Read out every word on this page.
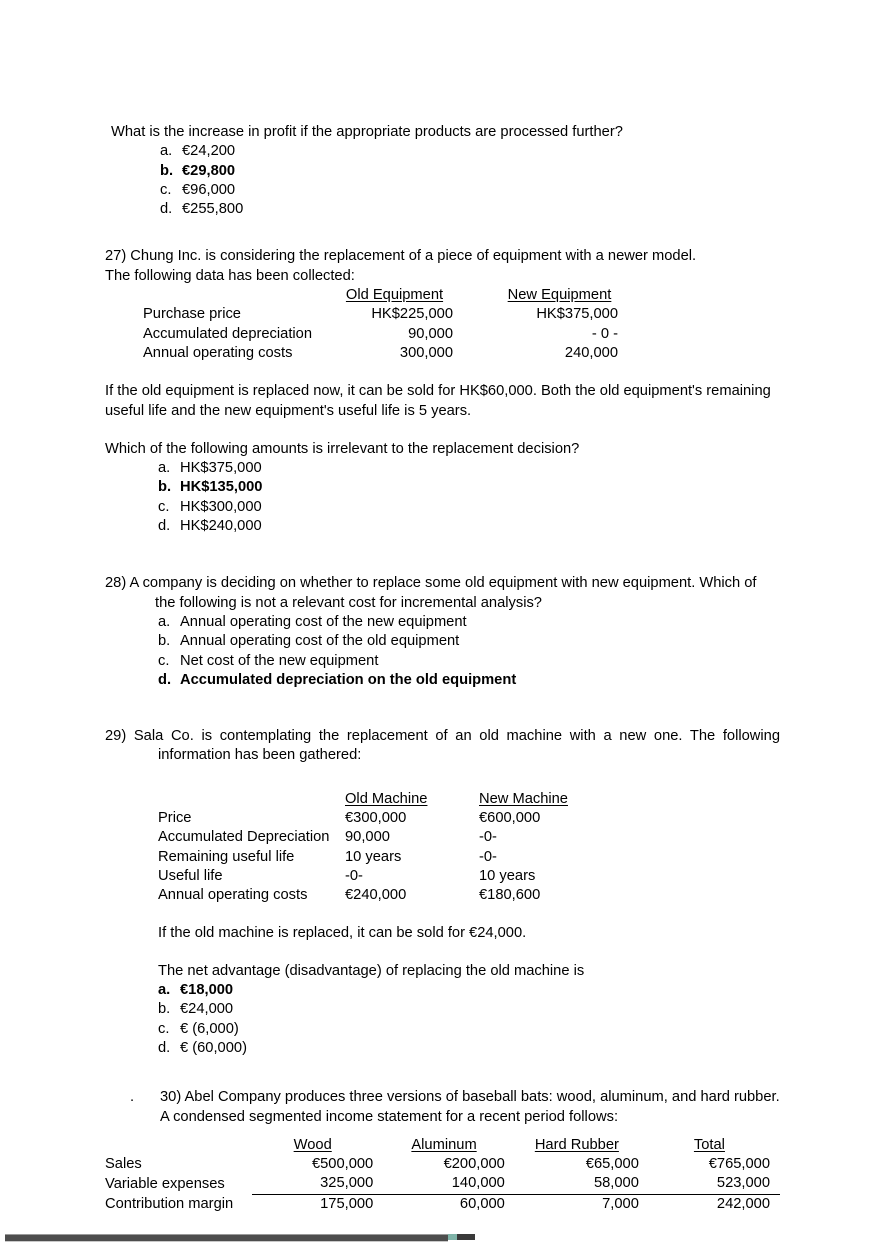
What is the increase in profit if the appropriate products are processed further?

a. €24,200
b. €29,800
c. €96,000
d. €255,800

27) Chung Inc. is considering the replacement of a piece of equipment with a newer model.

The following data has been collected:

	Old Equipment		New Equipment
Purchase price	HK$225,000		HK$375,000
Accumulated depreciation	90,000		- 0 -
Annual operating costs	300,000		240,000

If the old equipment is replaced now, it can be sold for HK$60,000. Both the old equipment's remaining useful life and the new equipment's useful life is 5 years.

Which of the following amounts is irrelevant to the replacement decision?

a. HK$375,000
b. HK$135,000
c. HK$300,000
d. HK$240,000

28) A company is deciding on whether to replace some old equipment with new equipment. Which of the following is not a relevant cost for incremental analysis?

a. Annual operating cost of the new equipment
b. Annual operating cost of the old equipment
c. Net cost of the new equipment
d. Accumulated depreciation on the old equipment

29) Sala Co. is contemplating the replacement of an old machine with a new one. The following information has been gathered:

	Old Machine	New Machine
Price	€300,000	€600,000
Accumulated Depreciation	90,000	-0-
Remaining useful life	10 years	-0-
Useful life	-0-	10 years
Annual operating costs	€240,000	€180,600

If the old machine is replaced, it can be sold for €24,000.

The net advantage (disadvantage) of replacing the old machine is

a. €18,000
b. €24,000
c. € (6,000)
d. € (60,000)
.	30) Abel Company produces three versions of baseball bats: wood, aluminum, and hard rubber. A condensed segmented income statement for a recent period follows:

	Wood	Aluminum	Hard Rubber	Total
Sales	€500,000	€200,000	€65,000	€765,000
Variable expenses	325,000	140,000	58,000	523,000
Contribution margin	175,000	60,000	7,000	242,000
